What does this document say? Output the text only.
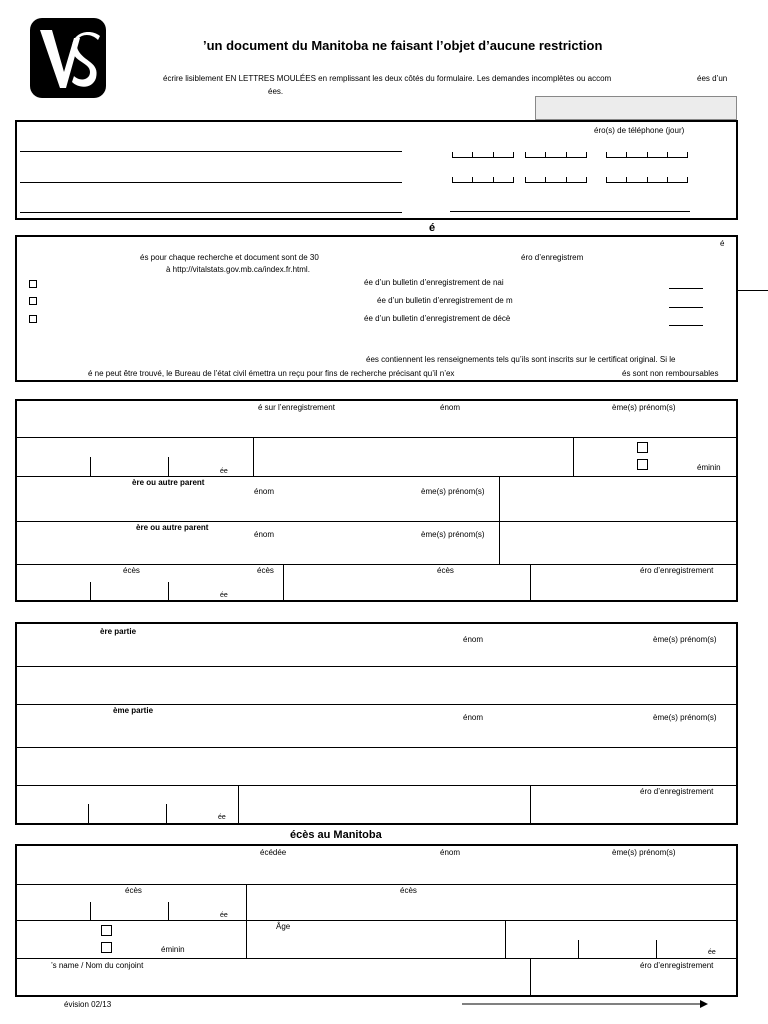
’un document du Manitoba ne faisant l’objet d’aucune restriction
écrire lisiblement EN LETTRES MOULÉES en remplissant les deux côtés du formulaire. Les demandes incomplètes ou accom	ées d’un
ées.
éro(s) de téléphone (jour)
é
é
és pour chaque recherche et document sont de 30
à http://vitalstats.gov.mb.ca/index.fr.html.
éro d’enregistrem
ée d’un bulletin d’enregistrement de nai
ée d’un bulletin d’enregistrement de m
ée d’un bulletin d’enregistrement de décè
ées contiennent les renseignements tels qu’ils sont inscrits sur le certificat original. Si le
é ne peut être trouvé, le Bureau de l’état civil émettra un reçu pour fins de recherche précisant qu’il n’ex	és sont non remboursables
é sur l’enregistrement	énom	ème(s) prénom(s)
ée	éminin
ère ou autre parent
énom	ème(s) prénom(s)
ère ou autre parent
énom	ème(s) prénom(s)
écès	écès	écès	éro d’enregistrement
ée
ère partie
énom	ème(s) prénom(s)
ème partie
énom	ème(s) prénom(s)
éro d’enregistrement
ée
écès au Manitoba
écédée	énom	ème(s) prénom(s)
écès	écès
ée
éminin
Âge
ée
’s name / Nom du conjoint	éro d’enregistrement
évision 02/13
